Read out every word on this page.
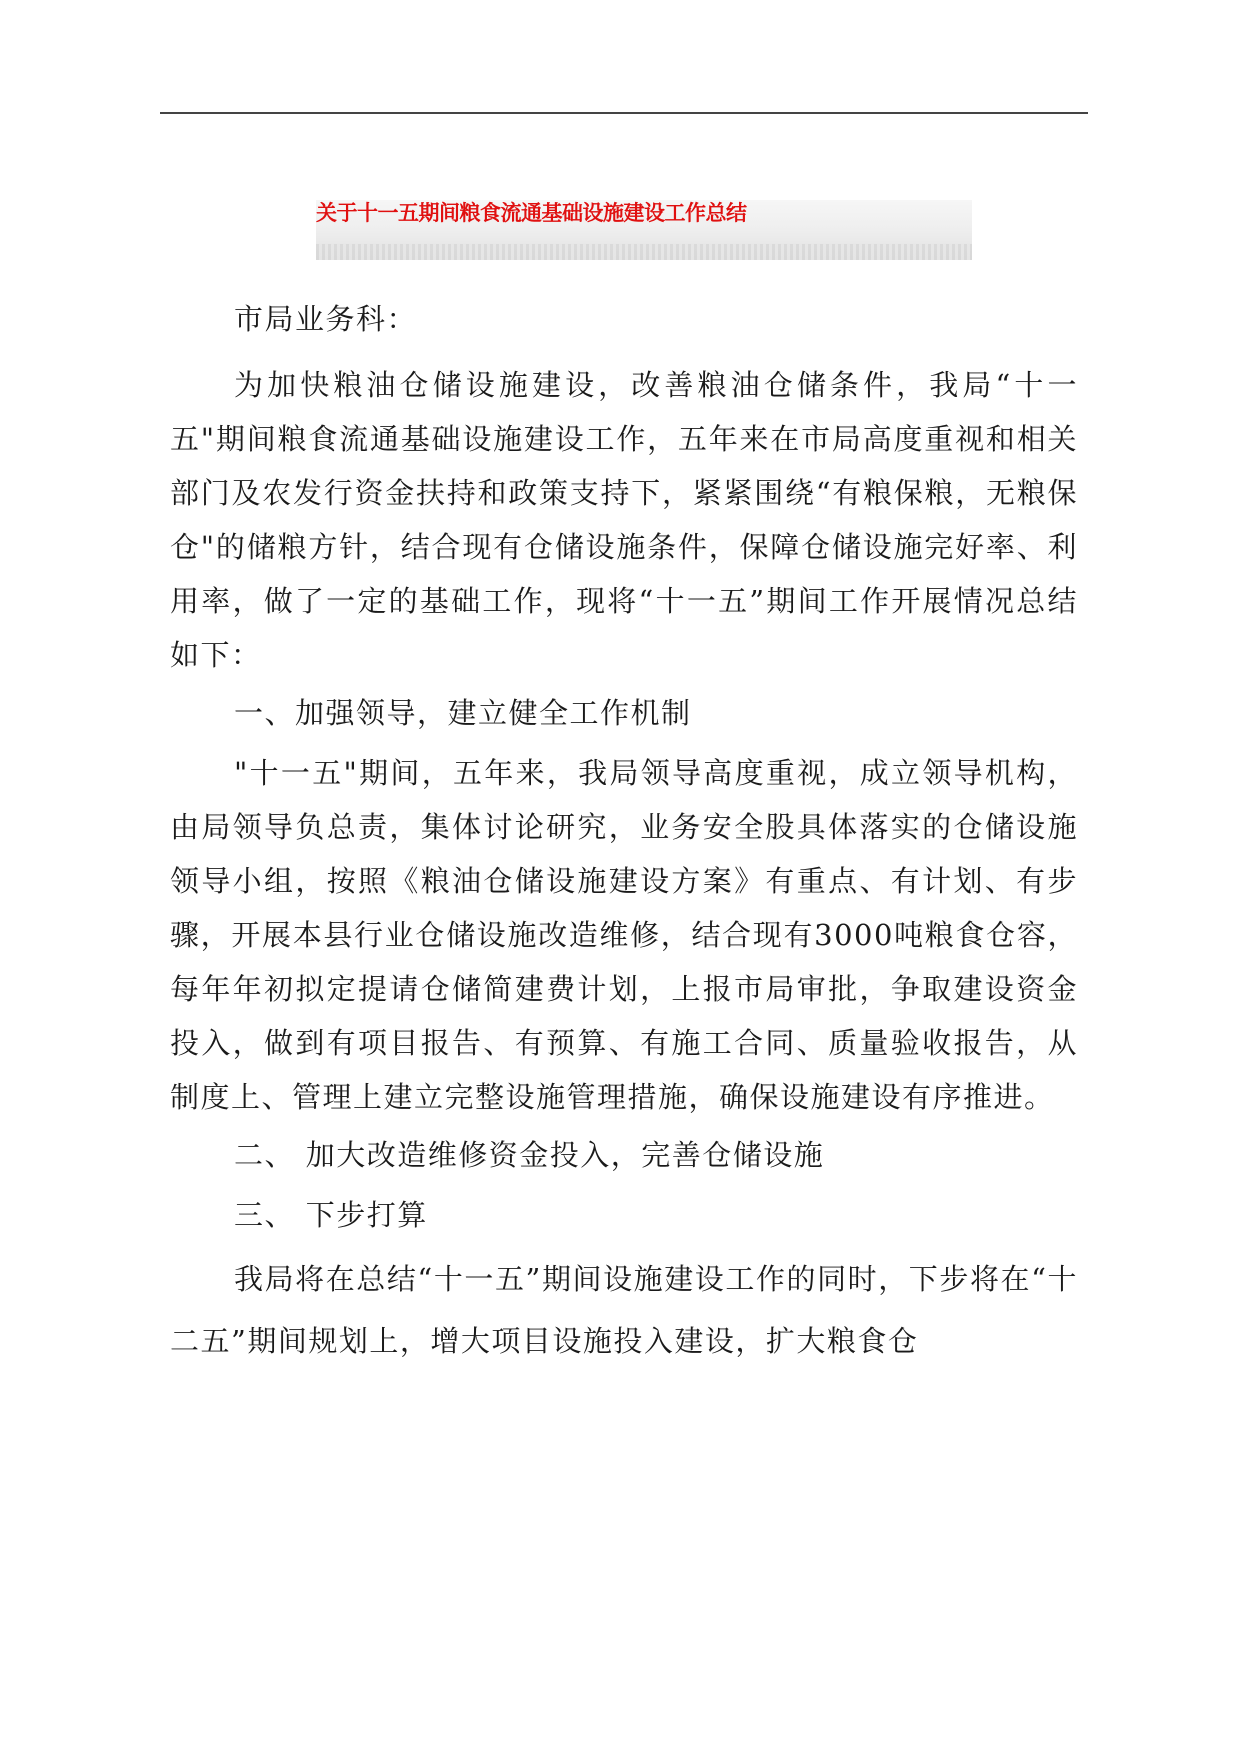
关于十一五期间粮食流通基础设施建设工作总结

市局业务科：

为加快粮油仓储设施建设，改善粮油仓储条件，我局“十一五"期间粮食流通基础设施建设工作，五年来在市局高度重视和相关部门及农发行资金扶持和政策支持下，紧紧围绕“有粮保粮，无粮保仓"的储粮方针，结合现有仓储设施条件，保障仓储设施完好率、利用率，做了一定的基础工作，现将“十一五”期间工作开展情况总结如下：

一、加强领导，建立健全工作机制

"十一五"期间，五年来，我局领导高度重视，成立领导机构，由局领导负总责，集体讨论研究，业务安全股具体落实的仓储设施领导小组，按照《粮油仓储设施建设方案》有重点、有计划、有步骤，开展本县行业仓储设施改造维修，结合现有3000吨粮食仓容，每年年初拟定提请仓储简建费计划，上报市局审批，争取建设资金投入，做到有项目报告、有预算、有施工合同、质量验收报告，从制度上、管理上建立完整设施管理措施，确保设施建设有序推进。

二、 加大改造维修资金投入，完善仓储设施

三、 下步打算

我局将在总结“十一五”期间设施建设工作的同时，下步将在“十二五”期间规划上，增大项目设施投入建设，扩大粮食仓
